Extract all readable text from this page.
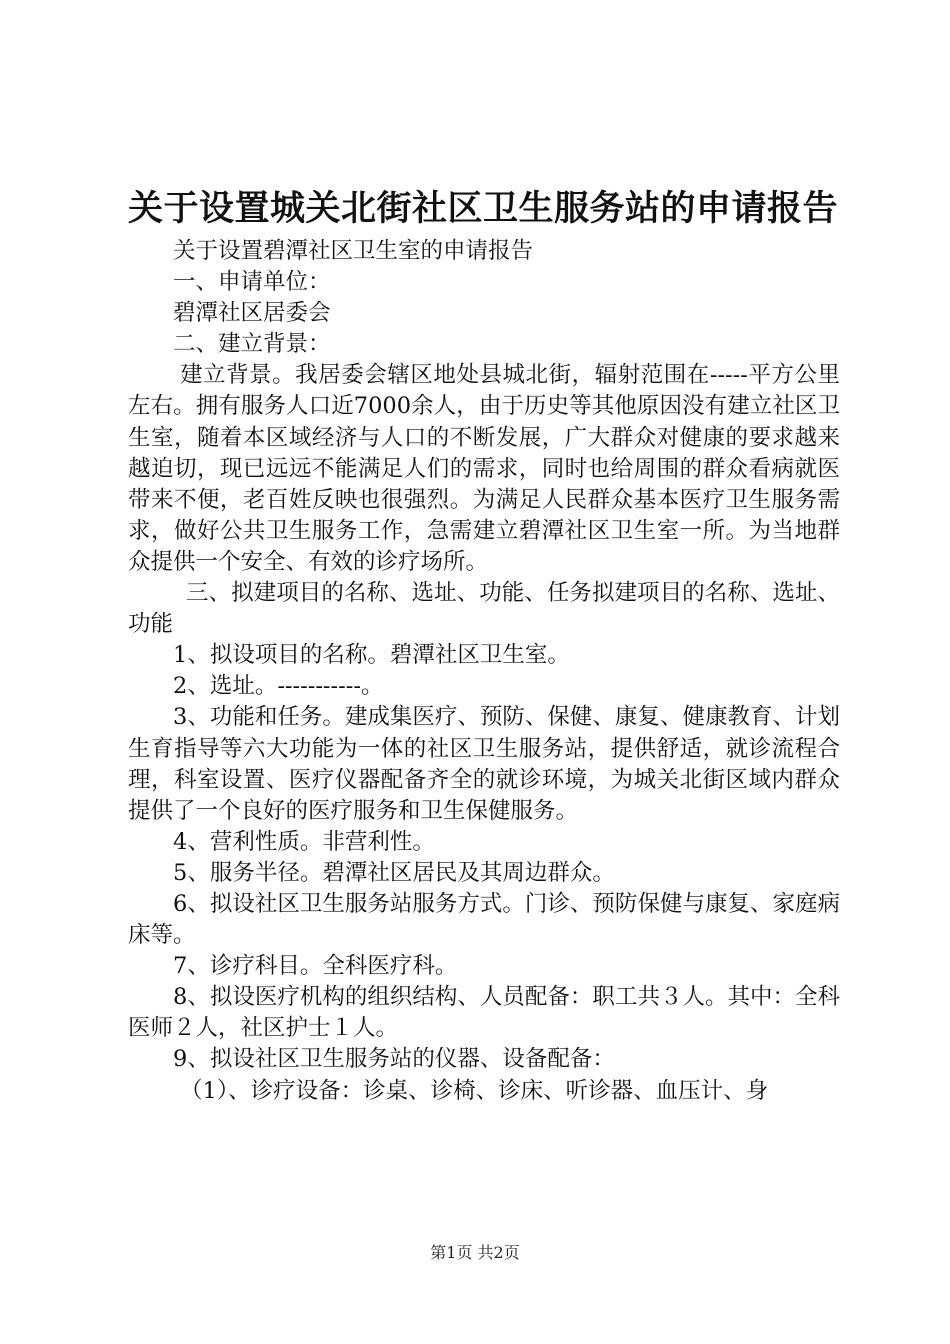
关于设置城关北街社区卫生服务站的申请报告

关于设置碧潭社区卫生室的申请报告

一、申请单位：

碧潭社区居委会

二、建立背景：

建立背景。我居委会辖区地处县城北街，辐射范围在-----平方公里左右。拥有服务人口近7000余人，由于历史等其他原因没有建立社区卫生室，随着本区域经济与人口的不断发展，广大群众对健康的要求越来越迫切，现已远远不能满足人们的需求，同时也给周围的群众看病就医带来不便，老百姓反映也很强烈。为满足人民群众基本医疗卫生服务需求，做好公共卫生服务工作，急需建立碧潭社区卫生室一所。为当地群众提供一个安全、有效的诊疗场所。

三、拟建项目的名称、选址、功能、任务拟建项目的名称、选址、功能

1、拟设项目的名称。碧潭社区卫生室。

2、选址。-----------。

3、功能和任务。建成集医疗、预防、保健、康复、健康教育、计划生育指导等六大功能为一体的社区卫生服务站，提供舒适，就诊流程合理，科室设置、医疗仪器配备齐全的就诊环境，为城关北街区域内群众提供了一个良好的医疗服务和卫生保健服务。

4、营利性质。非营利性。

5、服务半径。碧潭社区居民及其周边群众。

6、拟设社区卫生服务站服务方式。门诊、预防保健与康复、家庭病床等。

7、诊疗科目。全科医疗科。

8、拟设医疗机构的组织结构、人员配备：职工共３人。其中：全科医师２人，社区护士１人。

9、拟设社区卫生服务站的仪器、设备配备：

（1）、诊疗设备：诊桌、诊椅、诊床、听诊器、血压计、身

第1页 共2页
